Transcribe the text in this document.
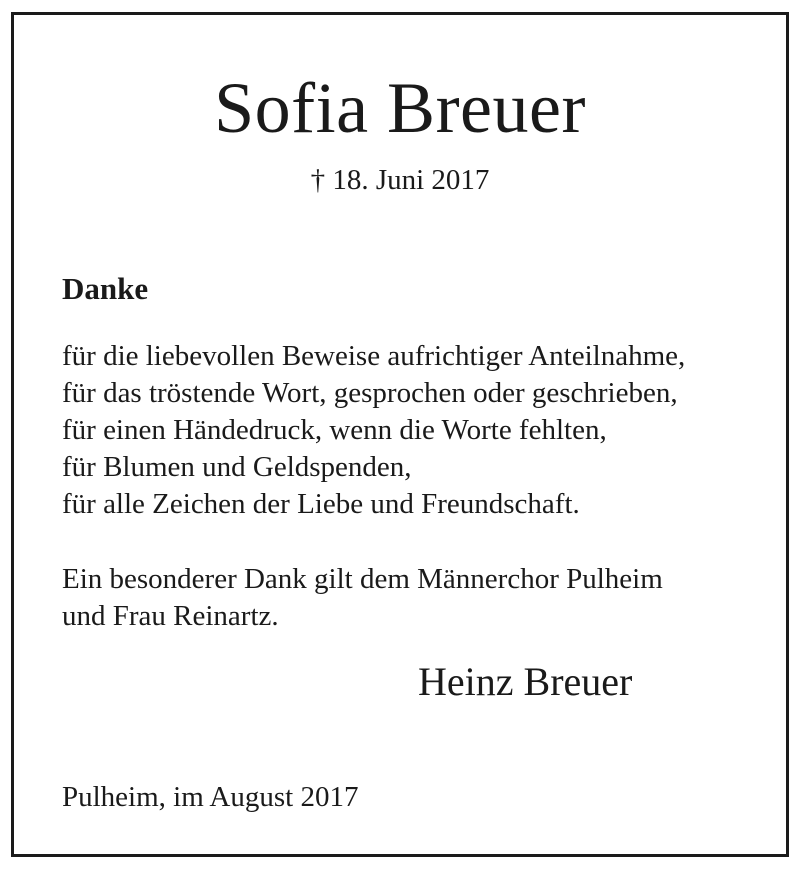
Sofia Breuer
† 18. Juni 2017
Danke
für die liebevollen Beweise aufrichtiger Anteilnahme,
für das tröstende Wort, gesprochen oder geschrieben,
für einen Händedruck, wenn die Worte fehlten,
für Blumen und Geldspenden,
für alle Zeichen der Liebe und Freundschaft.
Ein besonderer Dank gilt dem Männerchor Pulheim
und Frau Reinartz.
Heinz Breuer
Pulheim, im August 2017
